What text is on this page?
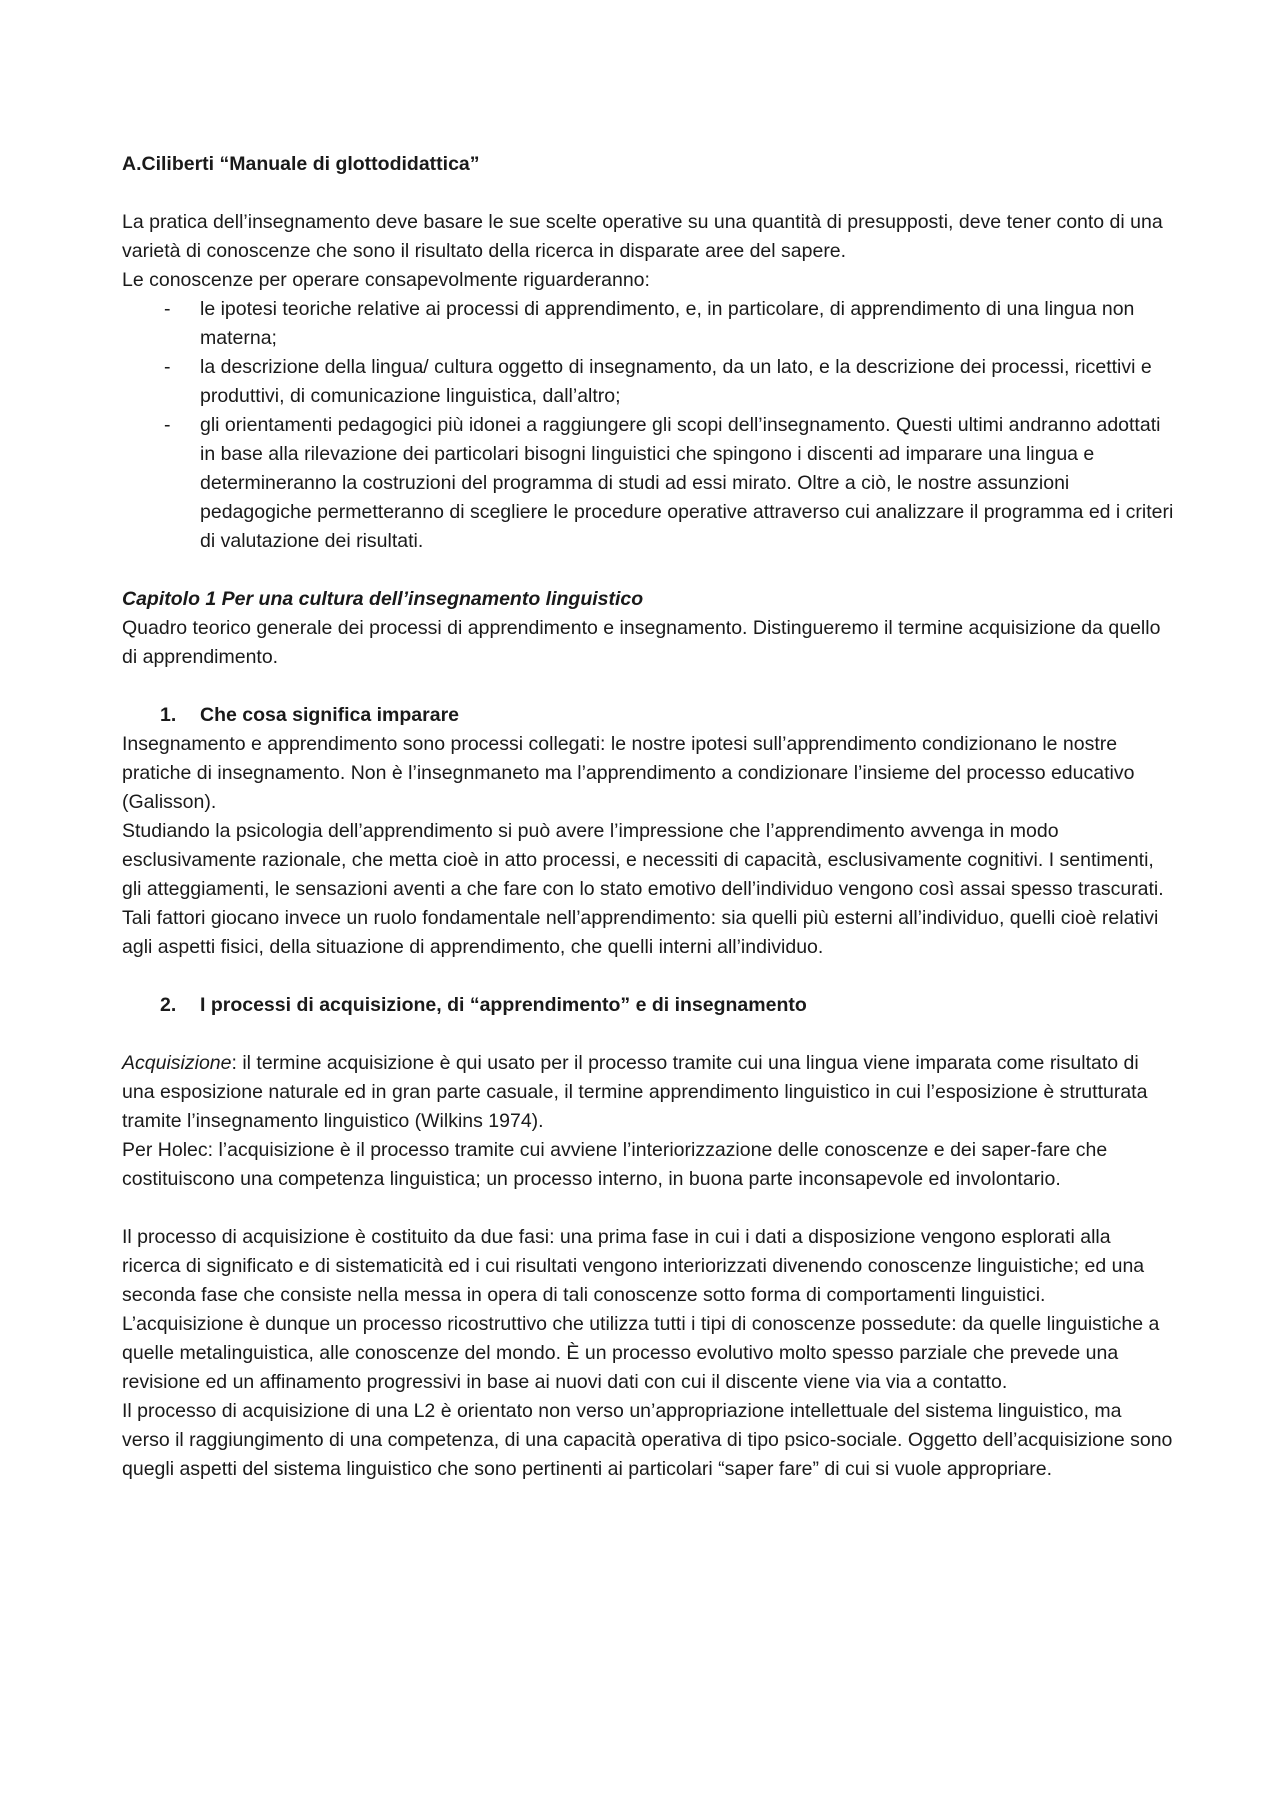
A.Ciliberti “Manuale di glottodidattica”

La pratica dell’insegnamento deve basare le sue scelte operative su una quantità di presupposti, deve tener conto di una varietà di conoscenze che sono il risultato della ricerca in disparate aree del sapere.

Le conoscenze per operare consapevolmente riguarderanno:

- le ipotesi teoriche relative ai processi di apprendimento, e, in particolare, di apprendimento di una lingua non materna;
- la descrizione della lingua/ cultura oggetto di insegnamento, da un lato, e la descrizione dei processi, ricettivi e produttivi, di comunicazione linguistica, dall’altro;
- gli orientamenti pedagogici più idonei a raggiungere gli scopi dell’insegnamento. Questi ultimi andranno adottati in base alla rilevazione dei particolari bisogni linguistici che spingono i discenti ad imparare una lingua e determineranno la costruzioni del programma di studi ad essi mirato. Oltre a ciò, le nostre assunzioni pedagogiche permetteranno di scegliere le procedure operative attraverso cui analizzare il programma ed i criteri di valutazione dei risultati.

Capitolo 1 Per una cultura dell’insegnamento linguistico

Quadro teorico generale dei processi di apprendimento e insegnamento. Distingueremo il termine acquisizione da quello di apprendimento.

1. Che cosa significa imparare

Insegnamento e apprendimento sono processi collegati: le nostre ipotesi sull’apprendimento condizionano le nostre pratiche di insegnamento. Non è l’insegnmaneto ma l’apprendimento a condizionare l’insieme del processo educativo (Galisson).

Studiando la psicologia dell’apprendimento si può avere l’impressione che l’apprendimento avvenga in modo esclusivamente razionale, che metta cioè in atto processi, e necessiti di capacità, esclusivamente cognitivi. I sentimenti, gli atteggiamenti, le sensazioni aventi a che fare con lo stato emotivo dell’individuo vengono così assai spesso trascurati. Tali fattori giocano invece un ruolo fondamentale nell’apprendimento: sia quelli più esterni all’individuo, quelli cioè relativi agli aspetti fisici, della situazione di apprendimento, che quelli interni all’individuo.

2. I processi di acquisizione, di “apprendimento” e di insegnamento

Acquisizione: il termine acquisizione è qui usato per il processo tramite cui una lingua viene imparata come risultato di una esposizione naturale ed in gran parte casuale, il termine apprendimento linguistico in cui l’esposizione è strutturata tramite l’insegnamento linguistico (Wilkins 1974).

Per Holec: l’acquisizione è il processo tramite cui avviene l’interiorizzazione delle conoscenze e dei saper-fare che costituiscono una competenza linguistica; un processo interno, in buona parte inconsapevole ed involontario.

Il processo di acquisizione è costituito da due fasi: una prima fase in cui i dati a disposizione vengono esplorati alla ricerca di significato e di sistematicità ed i cui risultati vengono interiorizzati divenendo conoscenze linguistiche; ed una seconda fase che consiste nella messa in opera di tali conoscenze sotto forma di comportamenti linguistici.

L’acquisizione è dunque un processo ricostruttivo che utilizza tutti i tipi di conoscenze possedute: da quelle linguistiche a quelle metalinguistica, alle conoscenze del mondo. È un processo evolutivo molto spesso parziale che prevede una revisione ed un affinamento progressivi in base ai nuovi dati con cui il discente viene via via a contatto.

Il processo di acquisizione di una L2 è orientato non verso un’appropriazione intellettuale del sistema linguistico, ma verso il raggiungimento di una competenza, di una capacità operativa di tipo psico-sociale. Oggetto dell’acquisizione sono quegli aspetti del sistema linguistico che sono pertinenti ai particolari “saper fare” di cui si vuole appropriare.
